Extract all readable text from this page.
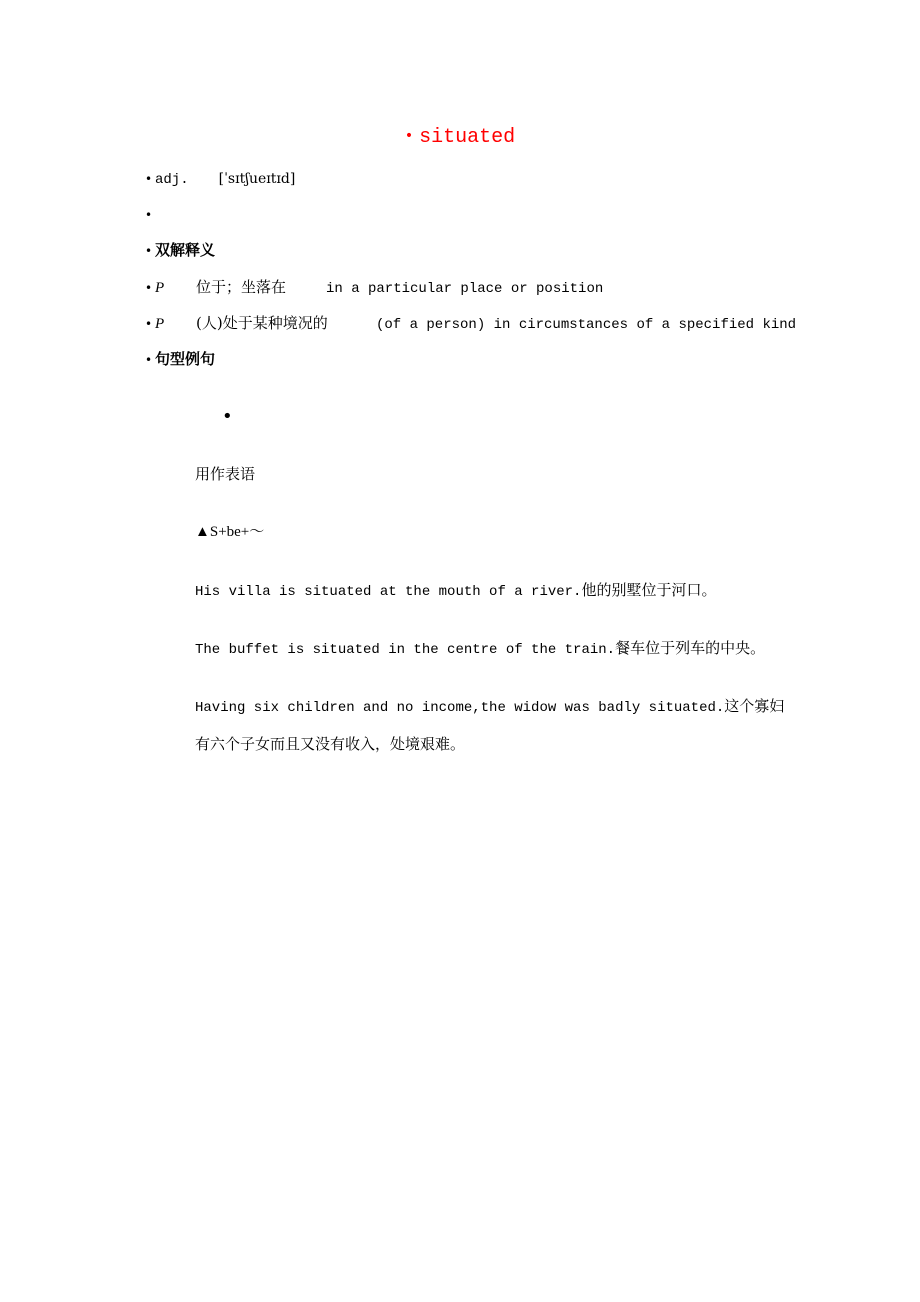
• situated
• adj. [ˈsɪtʃueɪtɪd]
•
• 双解释义
• P 位于；坐落在	in a particular place or position
• P (人)处于某种境况的	(of a person) in circumstances of a specified kind
• 句型例句
•
用作表语
▲S+be+～
His villa is situated at the mouth of a river.他的别墅位于河口。
The buffet is situated in the centre of the train.餐车位于列车的中央。
Having six children and no income,the widow was badly situated.这个寡妇有六个子女而且又没有收入，处境艰难。
